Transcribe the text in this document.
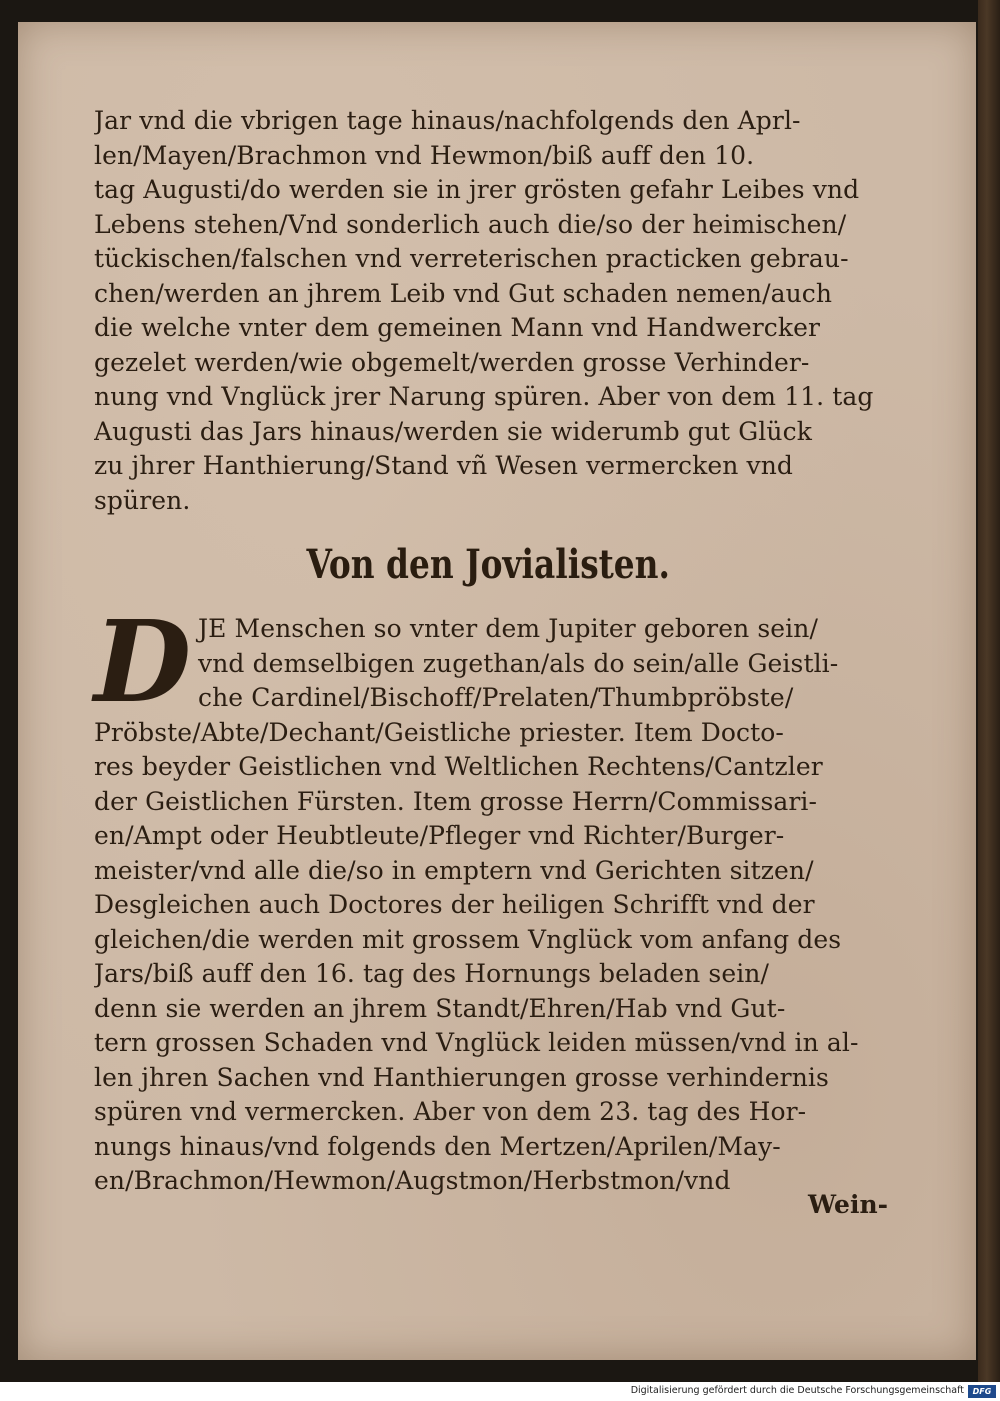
Jar vnd die vbrigen tage hinaus/nachfolgends den Aprl-
len/Mayen/Brachmon vnd Hewmon/biß auff den 10.
tag Augusti/do werden sie in jrer grösten gefahr Leibes vnd
Lebens stehen/Vnd sonderlich auch die/so der heimischen/
tückischen/falschen vnd verreterischen practicken gebrau-
chen/werden an jhrem Leib vnd Gut schaden nemen/auch
die welche vnter dem gemeinen Mann vnd Handwercker
gezelet werden/wie obgemelt/werden grosse Verhinder-
nung vnd Vnglück jrer Narung spüren. Aber von dem 11. tag
Augusti das Jars hinaus/werden sie widerumb gut Glück
zu jhrer Hanthierung/Stand vñ Wesen vermercken vnd
spüren.
Von den Jovialisten.
D JE Menschen so vnter dem Jupiter geboren sein/
vnd demselbigen zugethan/als do sein/alle Geistli-
che Cardinel/Bischoff/Prelaten/Thumbpröbste/
Pröbste/Abte/Dechant/Geistliche priester. Item Docto-
res beyder Geistlichen vnd Weltlichen Rechtens/Cantzler
der Geistlichen Fürsten. Item grosse Herrn/Commissari-
en/Ampt oder Heubtleute/Pfleger vnd Richter/Burger-
meister/vnd alle die/so in emptern vnd Gerichten sitzen/
Desgleichen auch Doctores der heiligen Schrifft vnd der
gleichen/die werden mit grossem Vnglück vom anfang des
Jars/biß auff den 16. tag des Hornungs beladen sein/
denn sie werden an jhrem Standt/Ehren/Hab vnd Gut-
tern grossen Schaden vnd Vnglück leiden müssen/vnd in al-
len jhren Sachen vnd Hanthierungen grosse verhindernis
spüren vnd vermercken. Aber von dem 23. tag des Hor-
nungs hinaus/vnd folgends den Mertzen/Aprilen/May-
en/Brachmon/Hewmon/Augstmon/Herbstmon/vnd
Wein-
Digitalisierung gefördert durch die Deutsche Forschungsgemeinschaft	DFG
